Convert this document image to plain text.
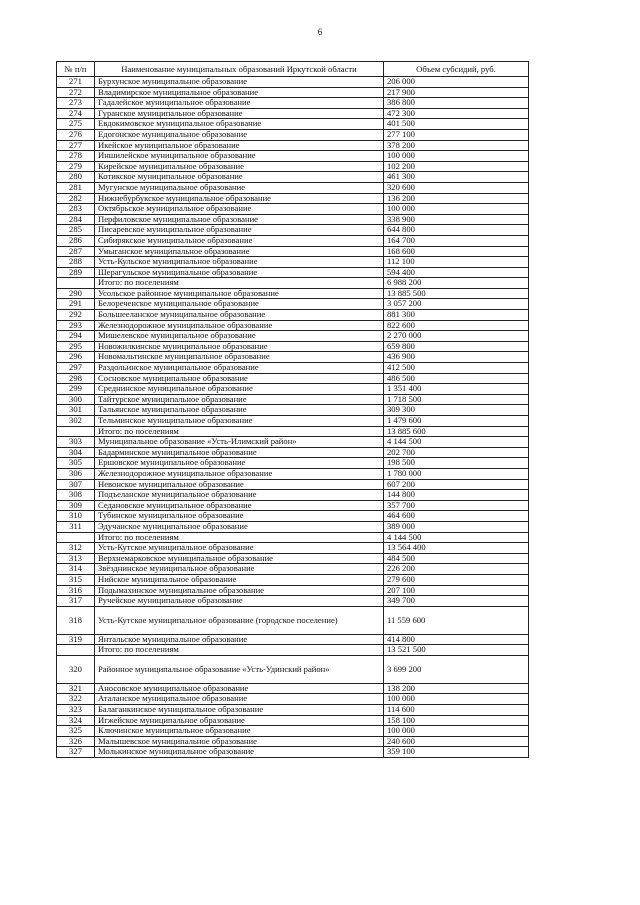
6
№ п/п	Наименование муниципальных образований Иркутской области	Объем субсидий, руб.
271	Бурхунское муниципальное образование	206 000
272	Владимирское муниципальное образование	217 900
273	Гадалейское муниципальное образование	386 800
274	Гуранское муниципальное образование	472 300
275	Евдокимовское муниципальное образование	401 500
276	Едогонское муниципальное образование	277 100
277	Икейское муниципальное образование	378 200
278	Иншилейское муниципальное образование	100 000
279	Кирейское муниципальное образование	102 200
280	Котикское муниципальное образование	461 300
281	Мугунское муниципальное образование	320 600
282	Нижнебурбукское муниципальное образование	136 200
283	Октябрьское муниципальное образование	100 000
284	Перфиловское муниципальное образование	338 900
285	Писаревское муниципальное образование	644 800
286	Сибирякское муниципальное образование	164 700
287	Умыганское муниципальное образование	168 600
288	Усть-Кульское муниципальное образование	112 100
289	Шерагульское муниципальное образование	594 400
	Итого: по поселениям	6 988 200
290	Усольское районное муниципальное образование	13 885 500
291	Белореченское муниципальное образование	3 057 200
292	Большееланское муниципальное образование	881 300
293	Железнодорожное муниципальное образование	822 600
294	Мишелевское муниципальное образование	2 270 000
295	Новожилкинское муниципальное образование	659 800
296	Новомальтинское муниципальное образование	436 900
297	Раздольинское муниципальное образование	412 500
298	Сосновское муниципальное образование	486 500
299	Среднинское муниципальное образование	1 351 400
300	Тайтурское муниципальное образование	1 718 500
301	Тальянское муниципальное образование	309 300
302	Тельминское муниципальное образование	1 479 600
	Итого: по поселениям	13 885 600
303	Муниципальное образование «Усть-Илимский район»	4 144 500
304	Бадарминское муниципальное образование	202 700
305	Ершовское муниципальное образование	198 500
306	Железнодорожное муниципальное образование	1 780 000
307	Невонское муниципальное образование	607 200
308	Подъеланское муниципальное образование	144 800
309	Седановское муниципальное образование	357 700
310	Тубинское муниципальное образование	464 600
311	Эдучанское муниципальное образование	389 000
	Итого: по поселениям	4 144 500
312	Усть-Кутское муниципальное образование	13 564 400
313	Верхнемарковское муниципальное образование	484 500
314	Звёзднинское муниципальное образование	226 200
315	Нийское муниципальное образование	279 600
316	Подымахинское муниципальное образование	207 100
317	Ручейское муниципальное образование	349 700
318	Усть-Кутское муниципальное образование (городское поселение)	11 559 600
319	Янтальское муниципальное образование	414 800
	Итого: по поселениям	13 521 500
320	Районное муниципальное образование «Усть-Удинский район»	3 699 200
321	Аносовское муниципальное образование	138 200
322	Аталанское муниципальное образование	100 000
323	Балаганкинское муниципальное образование	114 600
324	Игжейское муниципальное образование	158 100
325	Ключинское муниципальное образование	100 000
326	Малышевское муниципальное образование	240 600
327	Молькинское муниципальное образование	359 100
